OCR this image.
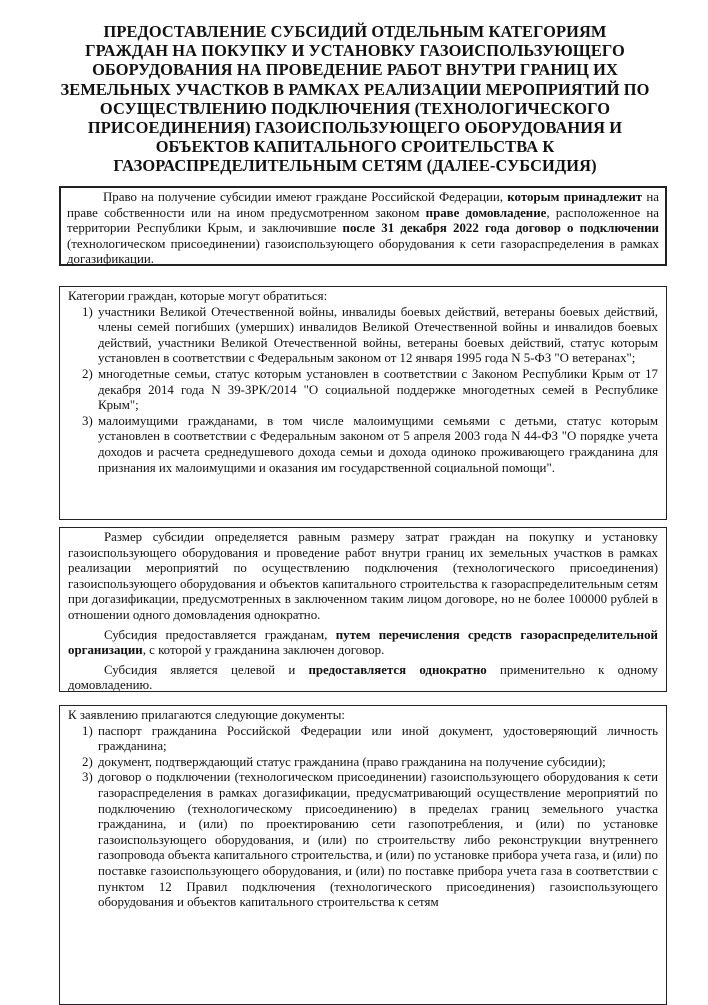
ПРЕДОСТАВЛЕНИЕ СУБСИДИЙ ОТДЕЛЬНЫМ КАТЕГОРИЯМ ГРАЖДАН НА ПОКУПКУ И УСТАНОВКУ ГАЗОИСПОЛЬЗУЮЩЕГО ОБОРУДОВАНИЯ НА ПРОВЕДЕНИЕ РАБОТ ВНУТРИ ГРАНИЦ ИХ ЗЕМЕЛЬНЫХ УЧАСТКОВ В РАМКАХ РЕАЛИЗАЦИИ МЕРОПРИЯТИЙ ПО ОСУЩЕСТВЛЕНИЮ ПОДКЛЮЧЕНИЯ (ТЕХНОЛОГИЧЕСКОГО ПРИСОЕДИНЕНИЯ) ГАЗОИСПОЛЬЗУЮЩЕГО ОБОРУДОВАНИЯ И ОБЪЕКТОВ КАПИТАЛЬНОГО СРОИТЕЛЬСТВА К ГАЗОРАСПРЕДЕЛИТЕЛЬНЫМ СЕТЯМ (ДАЛЕЕ-СУБСИДИЯ)

Право на получение субсидии имеют граждане Российской Федерации, которым принадлежит на праве собственности или на ином предусмотренном законом праве домовладение, расположенное на территории Республики Крым, и заключившие после 31 декабря 2022 года договор о подключении (технологическом присоединении) газоиспользующего оборудования к сети газораспределения в рамках догазификации.

Категории граждан, которые могут обратиться:

1) участники Великой Отечественной войны, инвалиды боевых действий, ветераны боевых действий, члены семей погибших (умерших) инвалидов Великой Отечественной войны и инвалидов боевых действий, участники Великой Отечественной войны, ветераны боевых действий, статус которым установлен в соответствии с Федеральным законом от 12 января 1995 года N 5-ФЗ "О ветеранах";
2) многодетные семьи, статус которым установлен в соответствии с Законом Республики Крым от 17 декабря 2014 года N 39-ЗРК/2014 "О социальной поддержке многодетных семей в Республике Крым";
3) малоимущими гражданами, в том числе малоимущими семьями с детьми, статус которым установлен в соответствии с Федеральным законом от 5 апреля 2003 года N 44-ФЗ "О порядке учета доходов и расчета среднедушевого дохода семьи и дохода одиноко проживающего гражданина для признания их малоимущими и оказания им государственной социальной помощи".

Размер субсидии определяется равным размеру затрат граждан на покупку и установку газоиспользующего оборудования и проведение работ внутри границ их земельных участков в рамках реализации мероприятий по осуществлению подключения (технологического присоединения) газоиспользующего оборудования и объектов капитального строительства к газораспределительным сетям при догазификации, предусмотренных в заключенном таким лицом договоре, но не более 100000 рублей в отношении одного домовладения однократно.

Субсидия предоставляется гражданам, путем перечисления средств газораспределительной организации, с которой у гражданина заключен договор.

Субсидия является целевой и предоставляется однократно применительно к одному домовладению.

К заявлению прилагаются следующие документы:

1) паспорт гражданина Российской Федерации или иной документ, удостоверяющий личность гражданина;
2) документ, подтверждающий статус гражданина (право гражданина на получение субсидии);
3) договор о подключении (технологическом присоединении) газоиспользующего оборудования к сети газораспределения в рамках догазификации, предусматривающий осуществление мероприятий по подключению (технологическому присоединению) в пределах границ земельного участка гражданина, и (или) по проектированию сети газопотребления, и (или) по установке газоиспользующего оборудования, и (или) по строительству либо реконструкции внутреннего газопровода объекта капитального строительства, и (или) по установке прибора учета газа, и (или) по поставке газоиспользующего оборудования, и (или) по поставке прибора учета газа в соответствии с пунктом 12 Правил подключения (технологического присоединения) газоиспользующего оборудования и объектов капитального строительства к сетям
